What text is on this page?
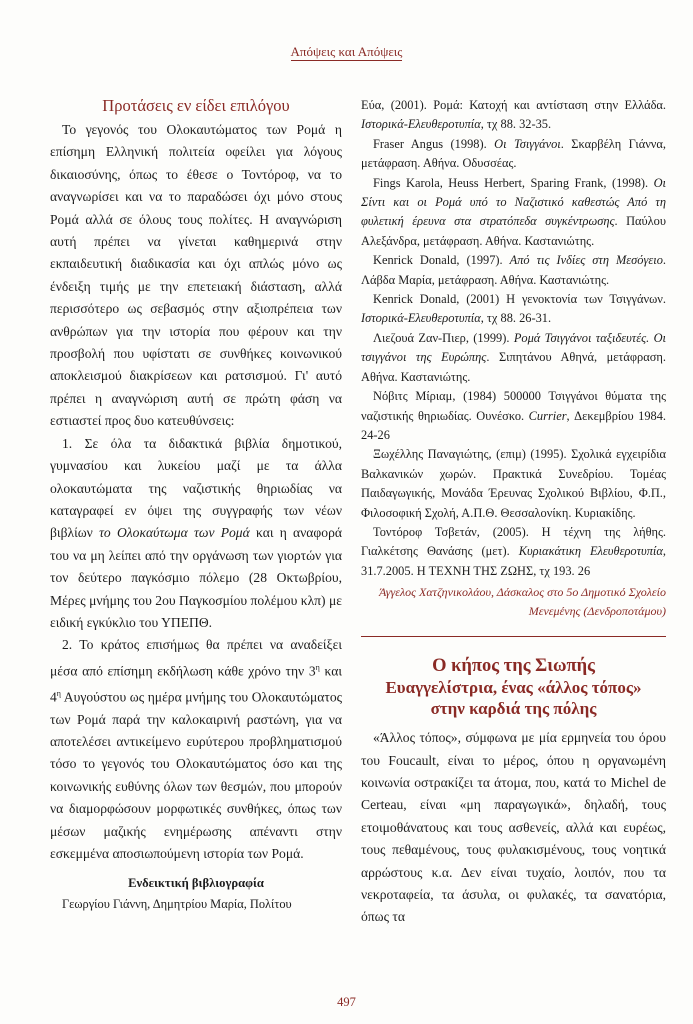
Απόψεις και Απόψεις
Προτάσεις εν είδει επιλόγου

Το γεγονός του Ολοκαυτώματος των Ρομά η επίσημη Ελληνική πολιτεία οφείλει για λόγους δικαιοσύνης, όπως το έθεσε ο Τοντόροφ, να το αναγνωρίσει και να το παραδώσει όχι μόνο στους Ρομά αλλά σε όλους τους πολίτες. Η αναγνώριση αυτή πρέπει να γίνεται καθημερινά στην εκπαιδευτική διαδικασία και όχι απλώς μόνο ως ένδειξη τιμής με την επετειακή διάσταση, αλλά περισσότερο ως σεβασμός στην αξιοπρέπεια των ανθρώπων για την ιστορία που φέρουν και την προσβολή που υφίστατι σε συνθήκες κοινωνικού αποκλεισμού διακρίσεων και ρατσισμού. Γι' αυτό πρέπει η αναγνώριση αυτή σε πρώτη φάση να εστιαστεί προς δυο κατευθύνσεις:

1. Σε όλα τα διδακτικά βιβλία δημοτικού, γυμνασίου και λυκείου μαζί με τα άλλα ολοκαυτώματα της ναζιστικής θηριωδίας να καταγραφεί εν όψει της συγγραφής των νέων βιβλίων το Ολοκαύτωμα των Ρομά και η αναφορά του να μη λείπει από την οργάνωση των γιορτών για τον δεύτερο παγκόσμιο πόλεμο (28 Οκτωβρίου, Μέρες μνήμης του 2ου Παγκοσμίου πολέμου κλπ) με ειδική εγκύκλιο του ΥΠΕΠΘ.

2. Το κράτος επισήμως θα πρέπει να αναδείξει μέσα από επίσημη εκδήλωση κάθε χρόνο την $3^\eta$ και $4^\eta$ Αυγούστου ως ημέρα μνήμης του Ολοκαυτώματος των Ρομά παρά την καλοκαιρινή ραστώνη, για να αποτελέσει αντικείμενο ευρύτερου προβληματισμού τόσο το γεγονός του Ολοκαυτώματος όσο και της κοινωνικής ευθύνης όλων των θεσμών, που μπορούν να διαμορφώσουν μορφωτικές συνθήκες, όπως των μέσων μαζικής ενημέρωσης απέναντι στην εσκεμμένα αποσιωπούμενη ιστορία των Ρομά.

Ενδεικτική βιβλιογραφία

Γεωργίου Γιάννη, Δημητρίου Μαρία, Πολίτου

Εύα, (2001). Ρομά: Κατοχή και αντίσταση στην Ελλάδα. Ιστορικά-Ελευθεροτυπία, τχ 88. 32-35.

Fraser Angus (1998). Οι Τσιγγάνοι. Σκαρβέλη Γιάννα, μετάφραση. Αθήνα. Οδυσσέας.

Fings Karola, Heuss Herbert, Sparing Frank, (1998). Οι Σίντι και οι Ρομά υπό το Ναζιστικό καθεστώς Από τη φυλετική έρευνα στα στρατόπεδα συγκέντρωσης. Παύλου Αλεξάνδρα, μετάφραση. Αθήνα. Καστανιώτης.

Kenrick Donald, (1997). Από τις Ινδίες στη Μεσόγειο. Λάβδα Μαρία, μετάφραση. Αθήνα. Καστανιώτης.

Kenrick Donald, (2001) Η γενοκτονία των Τσιγγάνων. Ιστορικά-Ελευθεροτυπία, τχ 88. 26-31.

Λιεζουά Ζαν-Πιερ, (1999). Ρομά Τσιγγάνοι ταξιδευτές. Οι τσιγγάνοι της Ευρώπης. Σιπητάνου Αθηνά, μετάφραση. Αθήνα. Καστανιώτης.

Νόβιτς Μίριαμ, (1984) 500000 Τσιγγάνοι θύματα της ναζιστικής θηριωδίας. Ουνέσκο. Currier, Δεκεμβρίου 1984. 24-26

Ξωχέλλης Παναγιώτης, (επιμ) (1995). Σχολικά εγχειρίδια Βαλκανικών χωρών. Πρακτικά Συνεδρίου. Τομέας Παιδαγωγικής, Μονάδα Έρευνας Σχολικού Βιβλίου, Φ.Π., Φιλοσοφική Σχολή, Α.Π.Θ. Θεσσαλονίκη. Κυριακίδης.

Τοντόροφ Τσβετάν, (2005). Η τέχνη της λήθης. Γιαλκέτσης Θανάσης (μετ). Κυριακάτικη Ελευθεροτυπία, 31.7.2005. Η ΤΕΧΝΗ ΤΗΣ ΖΩΗΣ, τχ 193. 26

Άγγελος Χατζηνικολάου, Δάσκαλος στο 5ο Δημοτικό Σχολείο Μενεμένης (Δενδροποτάμου)

Ο κήπος της Σιωπής
Ευαγγελίστρια, ένας «άλλος τόπος»
στην καρδιά της πόλης

«Άλλος τόπος», σύμφωνα με μία ερμηνεία του όρου του Foucault, είναι το μέρος, όπου η οργανωμένη κοινωνία οστρακίζει τα άτομα, που, κατά το Michel de Certeau, είναι «μη παραγωγικά», δηλαδή, τους ετοιμοθάνατους και τους ασθενείς, αλλά και ευρέως, τους πεθαμένους, τους φυλακισμένους, τους νοητικά αρρώστους κ.α. Δεν είναι τυχαίο, λοιπόν, που τα νεκροταφεία, τα άσυλα, οι φυλακές, τα σανατόρια, όπως τα

497
